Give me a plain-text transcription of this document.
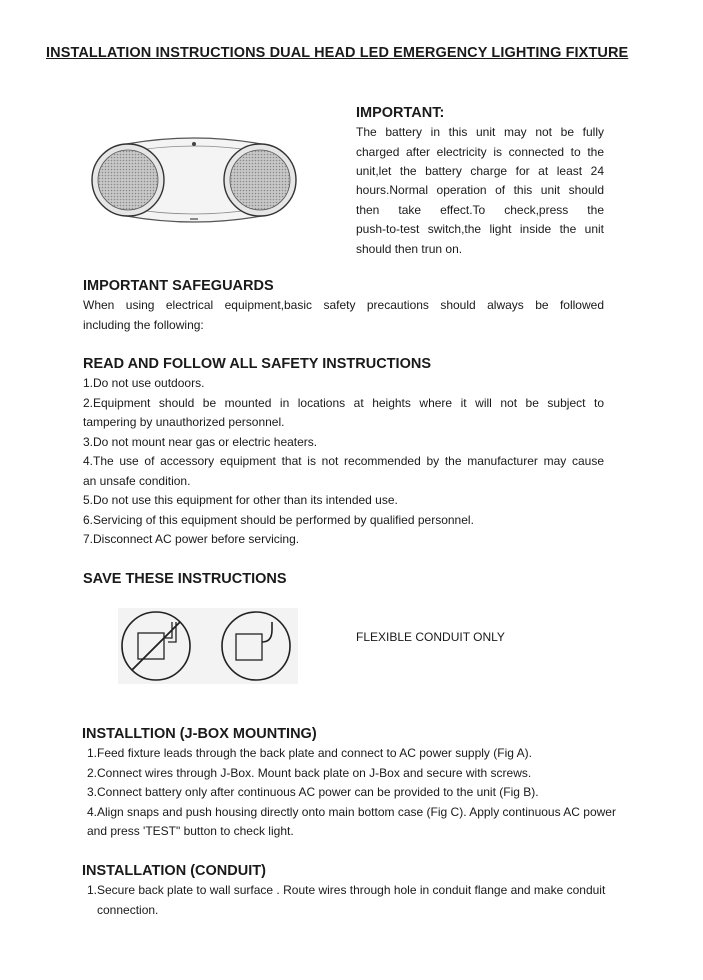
INSTALLATION INSTRUCTIONS DUAL HEAD LED EMERGENCY LIGHTING FIXTURE
IMPORTANT:
The battery in this unit may not be fully
charged after electricity is connected to the
unit,let the battery charge for at least 24
hours.Normal operation of this unit should
then take effect.To check,press the
push-to-test switch,the light inside the unit
should then trun on.
IMPORTANT SAFEGUARDS
When using electrical equipment,basic safety precautions should always be followed
including the following:
READ AND FOLLOW ALL SAFETY INSTRUCTIONS
1.Do not use outdoors.
2.Equipment should be mounted in locations at heights where it will not be subject to
tampering by unauthorized personnel.
3.Do not mount near gas or electric heaters.
4.The use of accessory equipment that is not recommended by the manufacturer may cause
an unsafe condition.
5.Do not use this equipment for other than its intended use.
6.Servicing of this equipment should be performed by qualified personnel.
7.Disconnect AC power before servicing.
SAVE THESE INSTRUCTIONS
FLEXIBLE CONDUIT ONLY
INSTALLTION (J-BOX MOUNTING)
1.Feed fixture leads through the back plate and connect to AC power supply (Fig A).
2.Connect wires through J-Box. Mount back plate on J-Box and secure with screws.
3.Connect battery only after continuous AC power can be provided to the unit (Fig B).
4.Align snaps and push housing directly onto main bottom case (Fig C). Apply continuous AC power
and press 'TEST" button to check light.
INSTALLATION (CONDUIT)
1.Secure back plate to wall surface . Route wires through hole in conduit flange and make conduit
connection.
